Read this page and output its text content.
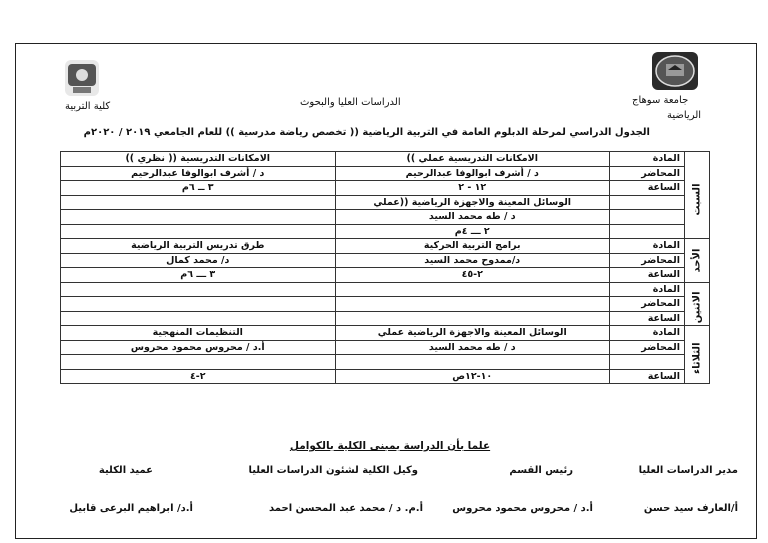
جامعة سوهاج
الرياضية
الدراسات العليا والبحوث
كلية التربية
الجدول الدراسي لمرحلة الدبلوم العامة في التربية الرياضية (( تخصص رياضة مدرسية )) للعام الجامعي ٢٠١٩ / ٢٠٢٠م
السبت	المادة	الامكانات التدريسية عملي ))	الامكانات التدريسية (( نظري ))
	المحاضر	د / أشرف ابوالوفا عبدالرحيم	د / أشرف ابوالوفا عبدالرحيم
	الساعة	١٢ - ٢	٣ ــ ٦م
		الوسائل المعينة والاجهزة الرياضية ((عملي	
		د / طه محمد السيد	
		٢ ـــ ٤م	

الأحد	المادة	برامج التربية الحركية	طرق تدريس التربية الرياضية
	المحاضر	د/ممدوح محمد السيد	د/ محمد كمال
	الساعة	٢-٤٥	٣ ـــ ٦م

الاثنين	المادة		
	المحاضر		
	الساعة		

الثلاثاء	المادة	الوسائل المعينة والاجهزة الرياضية عملي	التنظيمات المنهجية
	المحاضر	د / طه محمد السيد	أ.د / محروس محمود محروس

	الساعة	١٠-١٢ص	٢-٤
علما بأن الدراسة بمبنى الكلية بالكوامل
مدير الدراسات العليا
رئيس القسم
وكيل الكلية لشئون الدراسات العليا
عميد الكلية
أ/العارف سيد حسن
أ.د / محروس محمود محروس
أ.م. د / محمد عبد المحسن احمد
أ.د/ ابراهيم البرعى قابيل
